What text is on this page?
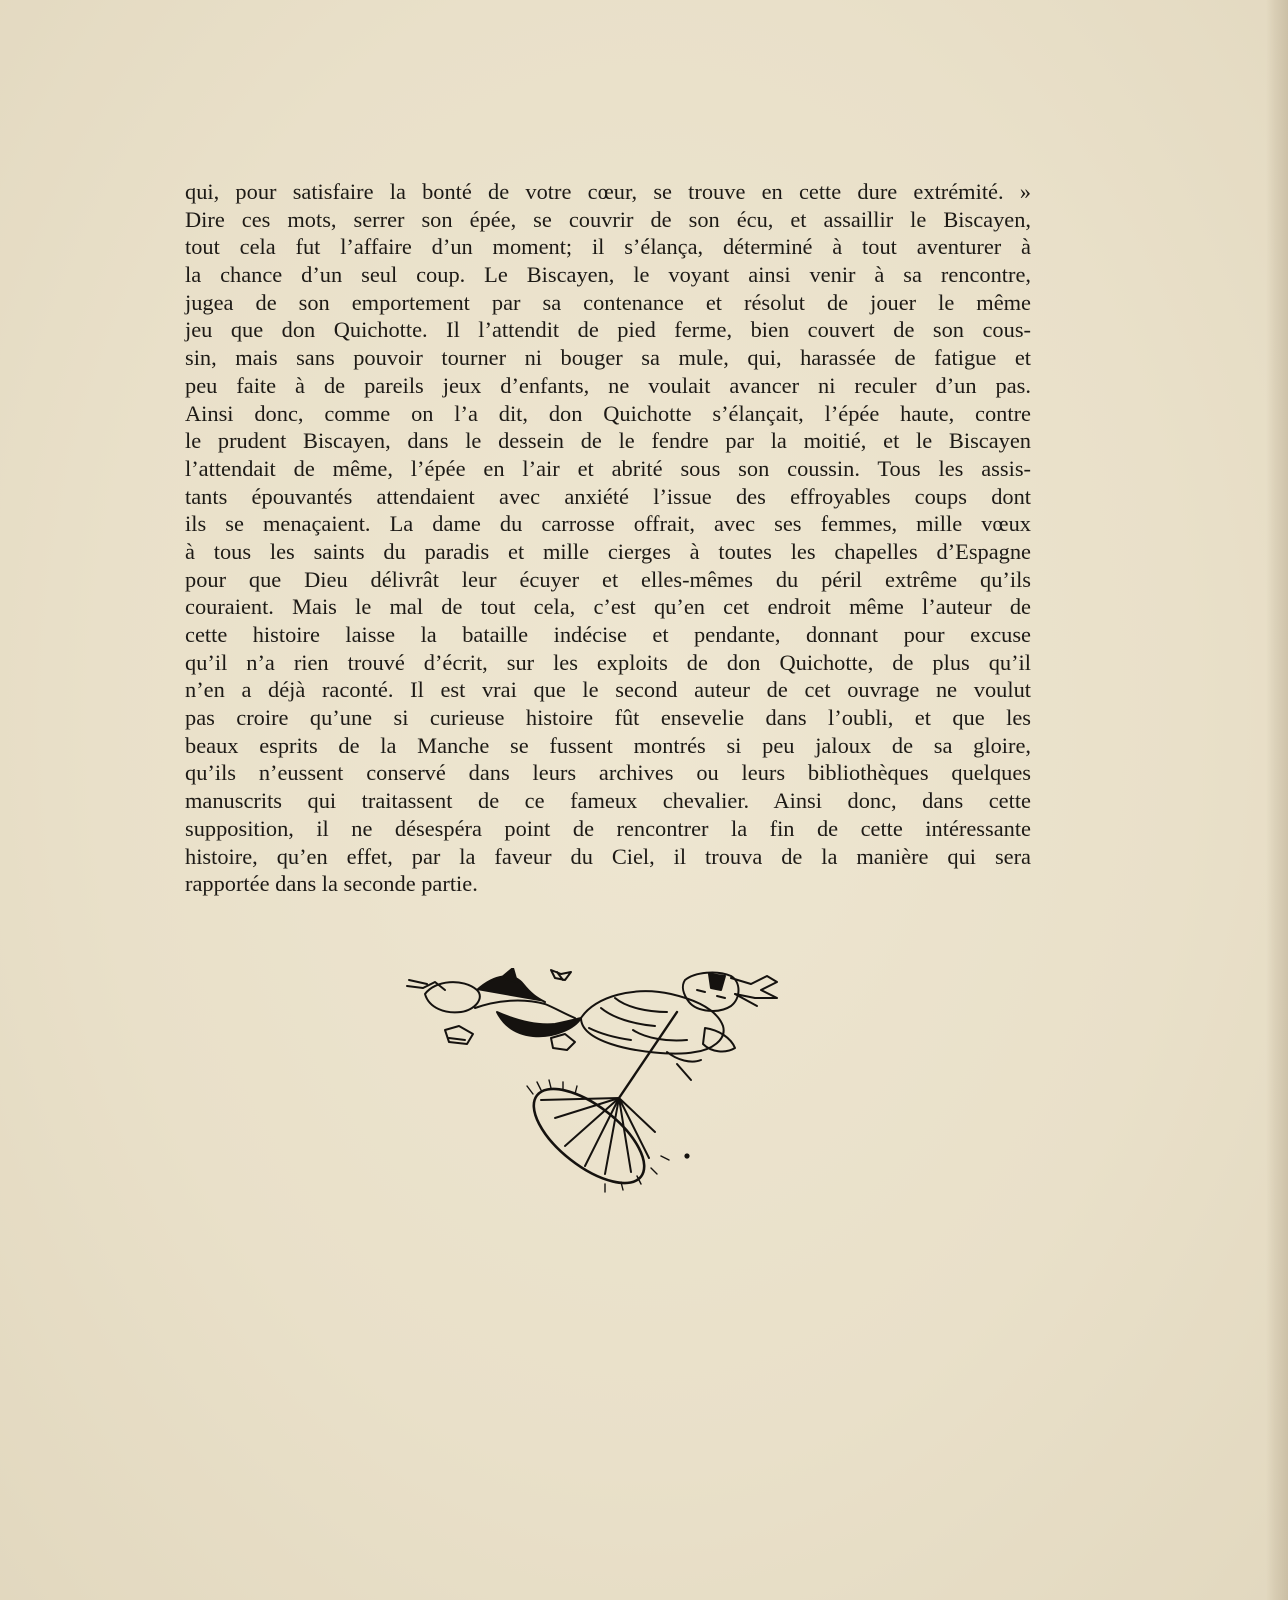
qui, pour satisfaire la bonté de votre cœur, se trouve en cette dure extrémité. »
Dire ces mots, serrer son épée, se couvrir de son écu, et assaillir le Biscayen,
tout cela fut l’affaire d’un moment; il s’élança, déterminé à tout aventurer à
la chance d’un seul coup. Le Biscayen, le voyant ainsi venir à sa rencontre,
jugea de son emportement par sa contenance et résolut de jouer le même
jeu que don Quichotte. Il l’attendit de pied ferme, bien couvert de son cous-
sin, mais sans pouvoir tourner ni bouger sa mule, qui, harassée de fatigue et
peu faite à de pareils jeux d’enfants, ne voulait avancer ni reculer d’un pas.
Ainsi donc, comme on l’a dit, don Quichotte s’élançait, l’épée haute, contre
le prudent Biscayen, dans le dessein de le fendre par la moitié, et le Biscayen
l’attendait de même, l’épée en l’air et abrité sous son coussin. Tous les assis-
tants épouvantés attendaient avec anxiété l’issue des effroyables coups dont
ils se menaçaient. La dame du carrosse offrait, avec ses femmes, mille vœux
à tous les saints du paradis et mille cierges à toutes les chapelles d’Espagne
pour que Dieu délivrât leur écuyer et elles-mêmes du péril extrême qu’ils
couraient. Mais le mal de tout cela, c’est qu’en cet endroit même l’auteur de
cette histoire laisse la bataille indécise et pendante, donnant pour excuse
qu’il n’a rien trouvé d’écrit, sur les exploits de don Quichotte, de plus qu’il
n’en a déjà raconté. Il est vrai que le second auteur de cet ouvrage ne voulut
pas croire qu’une si curieuse histoire fût ensevelie dans l’oubli, et que les
beaux esprits de la Manche se fussent montrés si peu jaloux de sa gloire,
qu’ils n’eussent conservé dans leurs archives ou leurs bibliothèques quelques
manuscrits qui traitassent de ce fameux chevalier. Ainsi donc, dans cette
supposition, il ne désespéra point de rencontrer la fin de cette intéressante
histoire, qu’en effet, par la faveur du Ciel, il trouva de la manière qui sera
rapportée dans la seconde partie.
